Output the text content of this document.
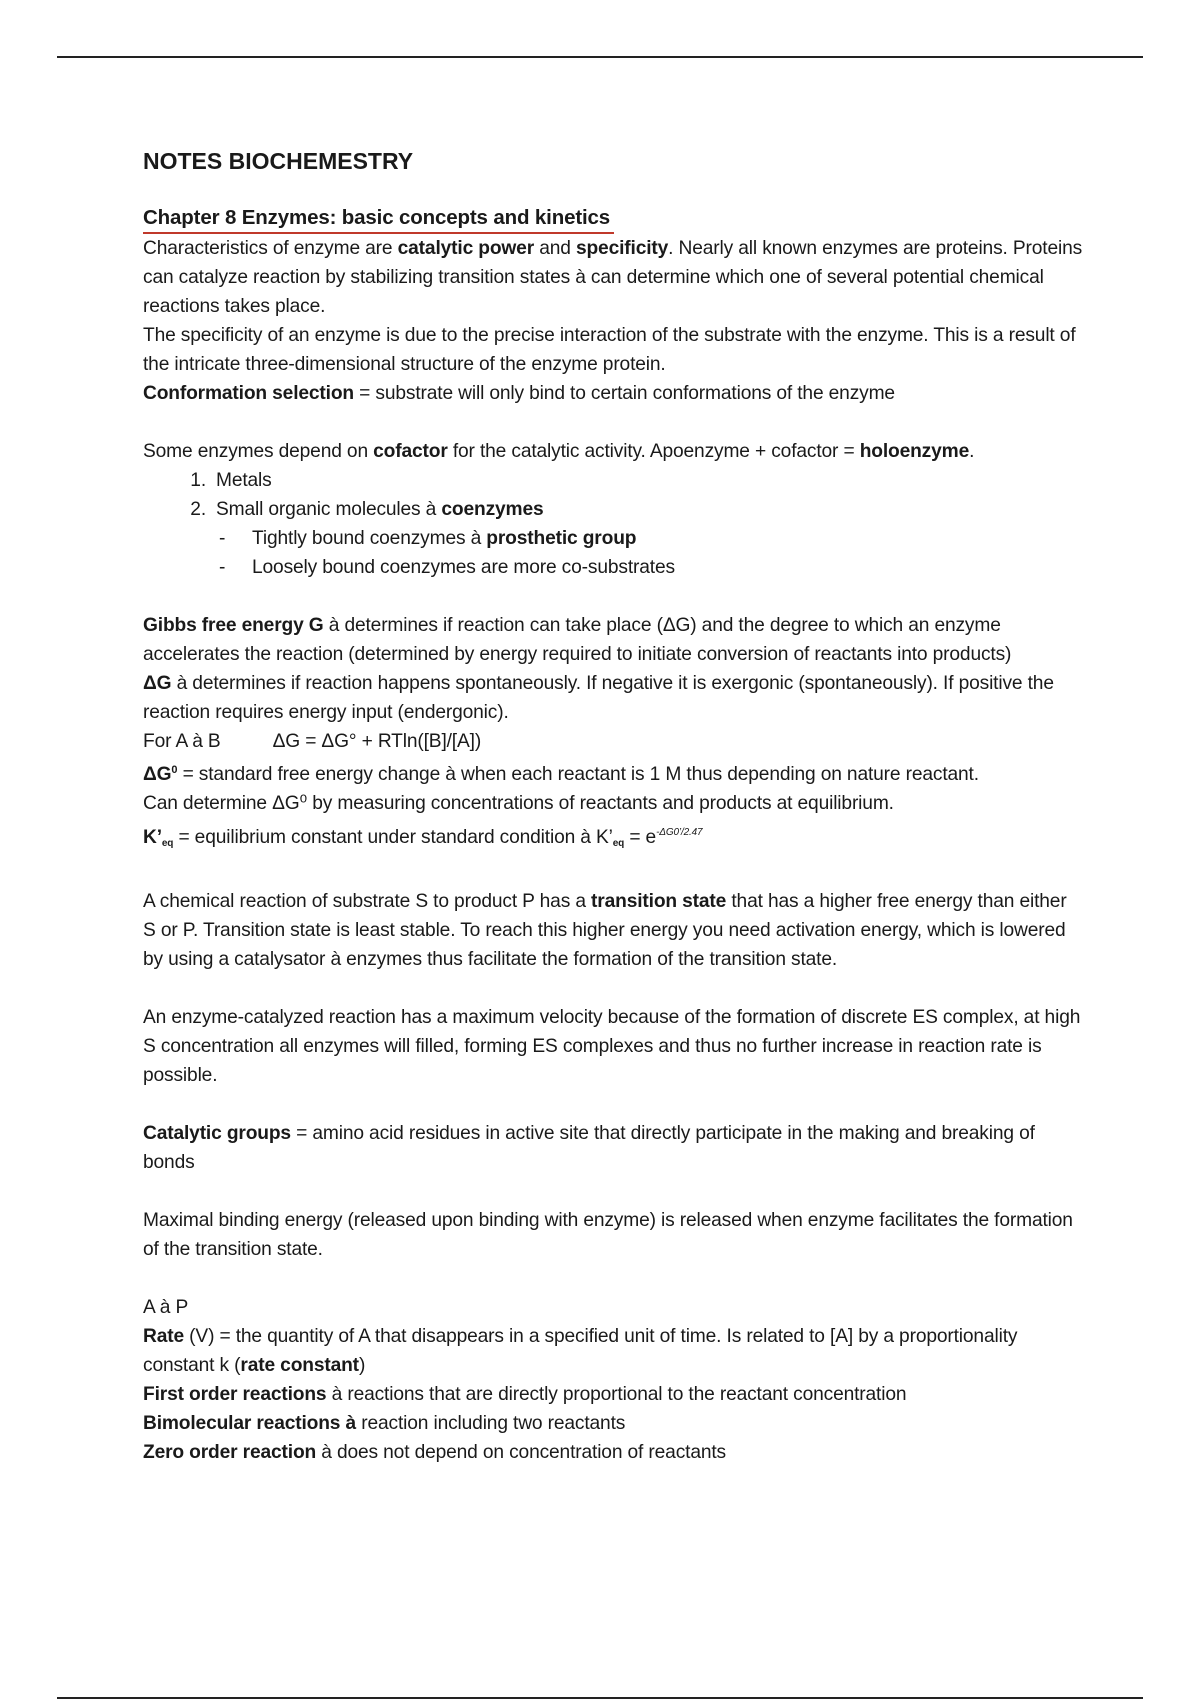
NOTES BIOCHEMESTRY
Chapter 8 Enzymes: basic concepts and kinetics

Characteristics of enzyme are catalytic power and specificity. Nearly all known enzymes are proteins. Proteins can catalyze reaction by stabilizing transition states à can determine which one of several potential chemical reactions takes place.

The specificity of an enzyme is due to the precise interaction of the substrate with the enzyme. This is a result of the intricate three-dimensional structure of the enzyme protein.

Conformation selection = substrate will only bind to certain conformations of the enzyme

Some enzymes depend on cofactor for the catalytic activity. Apoenzyme + cofactor = holoenzyme.

1. Metals
2. Small organic molecules à coenzymes
- Tightly bound coenzymes à prosthetic group
- Loosely bound coenzymes are more co-substrates

Gibbs free energy G à determines if reaction can take place (ΔG) and the degree to which an enzyme accelerates the reaction (determined by energy required to initiate conversion of reactants into products)

ΔG à determines if reaction happens spontaneously. If negative it is exergonic (spontaneously). If positive the reaction requires energy input (endergonic).

For A à B	ΔG = ΔG° + RTln([B]/[A])

$\Delta G^0$ = standard free energy change à when each reactant is 1 M thus depending on nature reactant.

Can determine ΔG⁰ by measuring concentrations of reactants and products at equilibrium.

K’eq = equilibrium constant under standard condition à K’eq = $e^{-\Delta G0’/2.47}$

A chemical reaction of substrate S to product P has a transition state that has a higher free energy than either S or P. Transition state is least stable. To reach this higher energy you need activation energy, which is lowered by using a catalysator à enzymes thus facilitate the formation of the transition state.

An enzyme-catalyzed reaction has a maximum velocity because of the formation of discrete ES complex, at high S concentration all enzymes will filled, forming ES complexes and thus no further increase in reaction rate is possible.

Catalytic groups = amino acid residues in active site that directly participate in the making and breaking of bonds

Maximal binding energy (released upon binding with enzyme) is released when enzyme facilitates the formation of the transition state.

A à P

Rate (V) = the quantity of A that disappears in a specified unit of time. Is related to [A] by a proportionality constant k (rate constant)

First order reactions à reactions that are directly proportional to the reactant concentration

Bimolecular reactions à reaction including two reactants

Zero order reaction à does not depend on concentration of reactants
